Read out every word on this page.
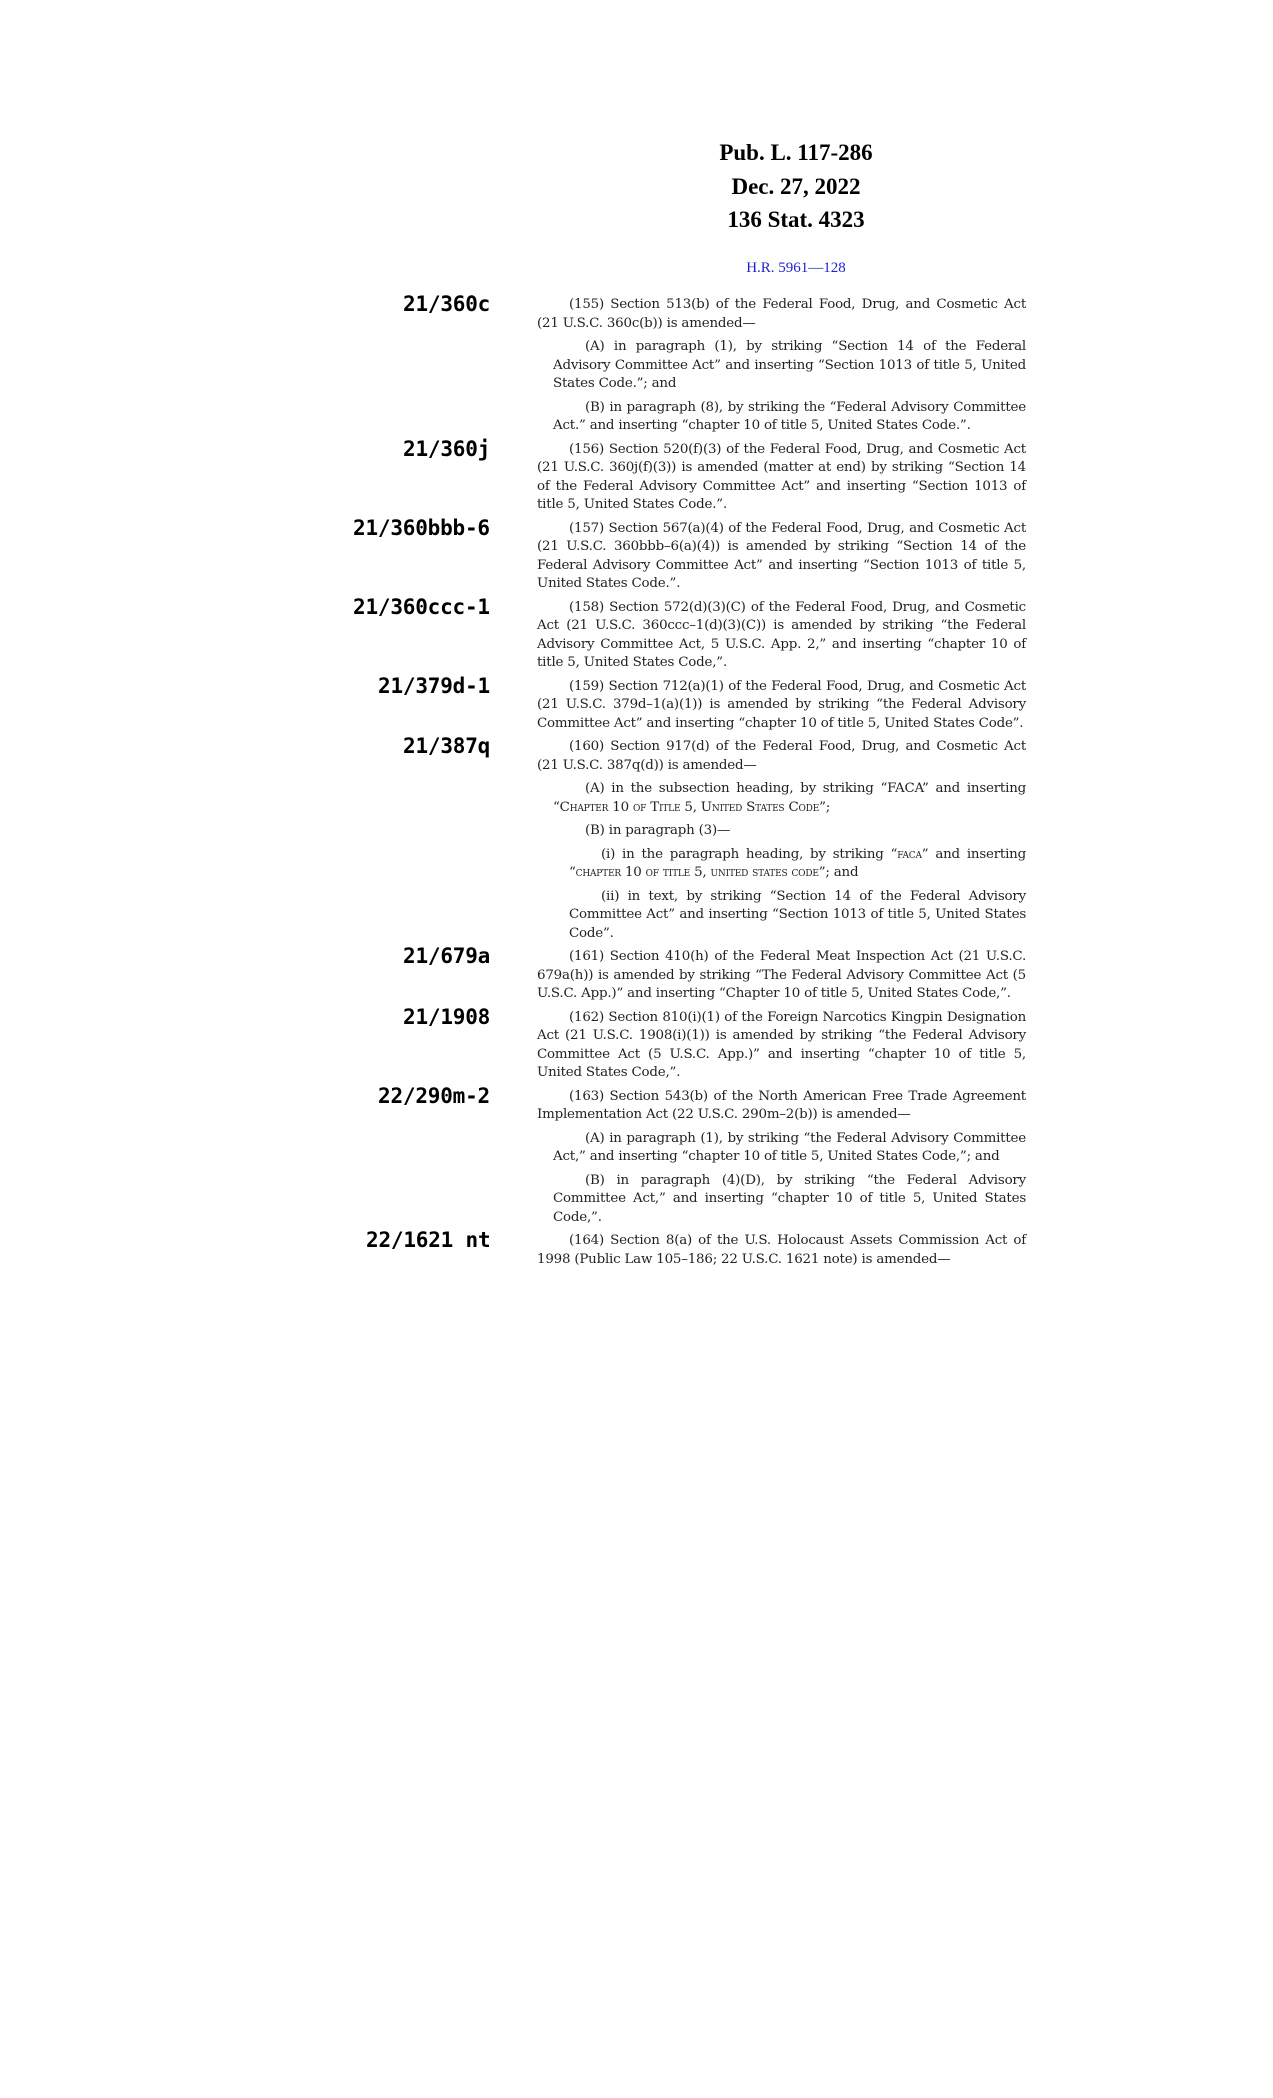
Pub. L. 117-286
Dec. 27, 2022
136 Stat. 4323
H.R. 5961—128
21/360c	(155) Section 513(b) of the Federal Food, Drug, and Cosmetic Act (21 U.S.C. 360c(b)) is amended—
(A) in paragraph (1), by striking “Section 14 of the Federal Advisory Committee Act” and inserting “Section 1013 of title 5, United States Code.”; and
(B) in paragraph (8), by striking the “Federal Advisory Committee Act.” and inserting “chapter 10 of title 5, United States Code.”.
21/360j	(156) Section 520(f)(3) of the Federal Food, Drug, and Cosmetic Act (21 U.S.C. 360j(f)(3)) is amended (matter at end) by striking “Section 14 of the Federal Advisory Committee Act” and inserting “Section 1013 of title 5, United States Code.”.
21/360bbb-6	(157) Section 567(a)(4) of the Federal Food, Drug, and Cosmetic Act (21 U.S.C. 360bbb–6(a)(4)) is amended by striking “Section 14 of the Federal Advisory Committee Act” and inserting “Section 1013 of title 5, United States Code.”.
21/360ccc-1	(158) Section 572(d)(3)(C) of the Federal Food, Drug, and Cosmetic Act (21 U.S.C. 360ccc–1(d)(3)(C)) is amended by striking “the Federal Advisory Committee Act, 5 U.S.C. App. 2,” and inserting “chapter 10 of title 5, United States Code,”.
21/379d-1	(159) Section 712(a)(1) of the Federal Food, Drug, and Cosmetic Act (21 U.S.C. 379d–1(a)(1)) is amended by striking “the Federal Advisory Committee Act” and inserting “chapter 10 of title 5, United States Code”.
21/387q	(160) Section 917(d) of the Federal Food, Drug, and Cosmetic Act (21 U.S.C. 387q(d)) is amended—
(A) in the subsection heading, by striking “FACA” and inserting “Chapter 10 of Title 5, United States Code”;
(B) in paragraph (3)—
(i) in the paragraph heading, by striking “faca” and inserting “chapter 10 of title 5, united states code”; and
(ii) in text, by striking “Section 14 of the Federal Advisory Committee Act” and inserting “Section 1013 of title 5, United States Code”.
21/679a	(161) Section 410(h) of the Federal Meat Inspection Act (21 U.S.C. 679a(h)) is amended by striking “The Federal Advisory Committee Act (5 U.S.C. App.)” and inserting “Chapter 10 of title 5, United States Code,”.
21/1908	(162) Section 810(i)(1) of the Foreign Narcotics Kingpin Designation Act (21 U.S.C. 1908(i)(1)) is amended by striking “the Federal Advisory Committee Act (5 U.S.C. App.)” and inserting “chapter 10 of title 5, United States Code,”.
22/290m-2	(163) Section 543(b) of the North American Free Trade Agreement Implementation Act (22 U.S.C. 290m–2(b)) is amended—
(A) in paragraph (1), by striking “the Federal Advisory Committee Act,” and inserting “chapter 10 of title 5, United States Code,”; and
(B) in paragraph (4)(D), by striking “the Federal Advisory Committee Act,” and inserting “chapter 10 of title 5, United States Code,”.
22/1621 nt	(164) Section 8(a) of the U.S. Holocaust Assets Commission Act of 1998 (Public Law 105–186; 22 U.S.C. 1621 note) is amended—
